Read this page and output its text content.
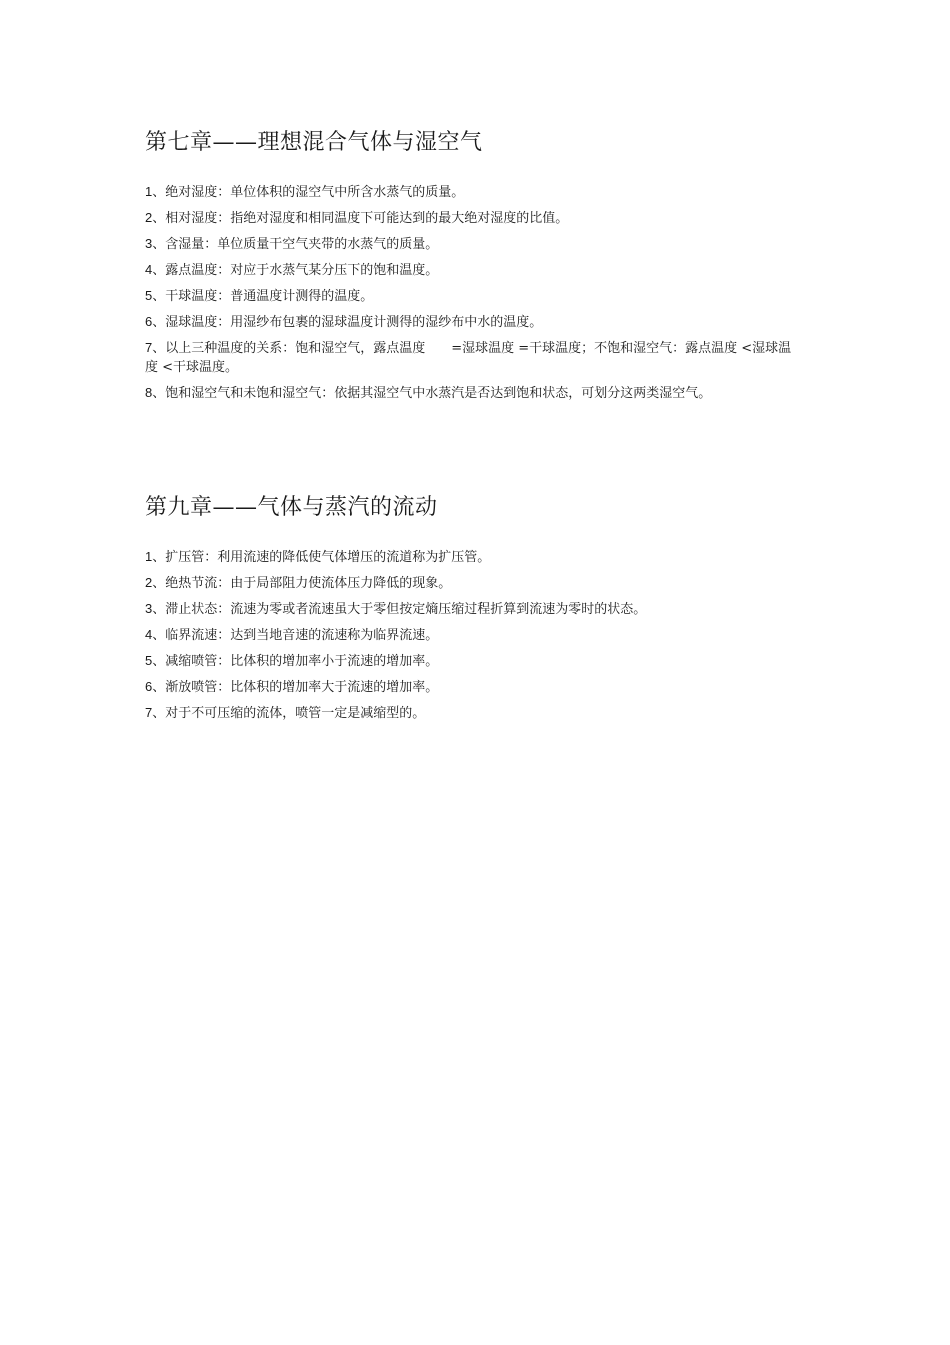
第七章——理想混合气体与湿空气
1、绝对湿度：单位体积的湿空气中所含水蒸气的质量。
2、相对湿度：指绝对湿度和相同温度下可能达到的最大绝对湿度的比值。
3、含湿量：单位质量干空气夹带的水蒸气的质量。
4、露点温度：对应于水蒸气某分压下的饱和温度。
5、干球温度：普通温度计测得的温度。
6、湿球温度：用湿纱布包裹的湿球温度计测得的湿纱布中水的温度。
7、以上三种温度的关系：饱和湿空气，露点温度　　=湿球温度 =干球温度；不饱和湿空气：露点温度 <湿球温度 <干球温度。
8、饱和湿空气和未饱和湿空气：依据其湿空气中水蒸汽是否达到饱和状态，可划分这两类湿空气。
第九章——气体与蒸汽的流动
1、扩压管：利用流速的降低使气体增压的流道称为扩压管。
2、绝热节流：由于局部阻力使流体压力降低的现象。
3、滞止状态：流速为零或者流速虽大于零但按定熵压缩过程折算到流速为零时的状态。
4、临界流速：达到当地音速的流速称为临界流速。
5、减缩喷管：比体积的增加率小于流速的增加率。
6、渐放喷管：比体积的增加率大于流速的增加率。
7、对于不可压缩的流体，喷管一定是减缩型的。
